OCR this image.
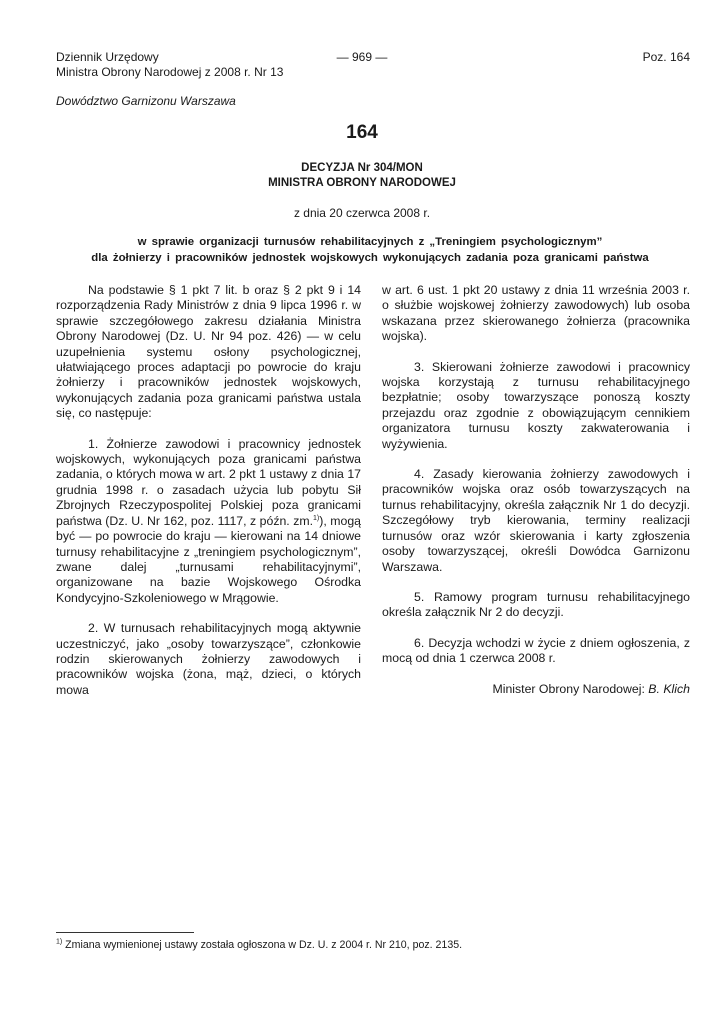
Dziennik Urzędowy
Ministra Obrony Narodowej z 2008 r. Nr 13
— 969 —	Poz. 164
Dowództwo Garnizonu Warszawa
164
DECYZJA Nr 304/MON
MINISTRA OBRONY NARODOWEJ
z dnia 20 czerwca 2008 r.
w sprawie organizacji turnusów rehabilitacyjnych z „Treningiem psychologicznym”
dla żołnierzy i pracowników jednostek wojskowych wykonujących zadania poza granicami państwa

Na podstawie § 1 pkt 7 lit. b oraz § 2 pkt 9 i 14 rozporządzenia Rady Ministrów z dnia 9 lipca 1996 r. w sprawie szczegółowego zakresu działania Ministra Obrony Narodowej (Dz. U. Nr 94 poz. 426) — w celu uzupełnienia systemu osłony psychologicznej, ułatwiającego proces adaptacji po powrocie do kraju żołnierzy i pracowników jednostek wojskowych, wykonujących zadania poza granicami państwa ustala się, co następuje:

1. Żołnierze zawodowi i pracownicy jednostek wojskowych, wykonujących poza granicami państwa zadania, o których mowa w art. 2 pkt 1 ustawy z dnia 17 grudnia 1998 r. o zasadach użycia lub pobytu Sił Zbrojnych Rzeczypospolitej Polskiej poza granicami państwa (Dz. U. Nr 162, poz. 1117, z późn. zm.$^{1)}$), mogą być — po powrocie do kraju — kierowani na 14 dniowe turnusy rehabilitacyjne z „treningiem psychologicznym”, zwane dalej „turnusami rehabilitacyjnymi”, organizowane na bazie Wojskowego Ośrodka Kondycyjno-Szkoleniowego w Mrągowie.

2. W turnusach rehabilitacyjnych mogą aktywnie uczestniczyć, jako „osoby towarzyszące”, członkowie rodzin skierowanych żołnierzy zawodowych i pracowników wojska (żona, mąż, dzieci, o których mowa

w art. 6 ust. 1 pkt 20 ustawy z dnia 11 września 2003 r. o służbie wojskowej żołnierzy zawodowych) lub osoba wskazana przez skierowanego żołnierza (pracownika wojska).

3. Skierowani żołnierze zawodowi i pracownicy wojska korzystają z turnusu rehabilitacyjnego bezpłatnie; osoby towarzyszące ponoszą koszty przejazdu oraz zgodnie z obowiązującym cennikiem organizatora turnusu koszty zakwaterowania i wyżywienia.

4. Zasady kierowania żołnierzy zawodowych i pracowników wojska oraz osób towarzyszących na turnus rehabilitacyjny, określa załącznik Nr 1 do decyzji. Szczegółowy tryb kierowania, terminy realizacji turnusów oraz wzór skierowania i karty zgłoszenia osoby towarzyszącej, określi Dowódca Garnizonu Warszawa.

5. Ramowy program turnusu rehabilitacyjnego określa załącznik Nr 2 do decyzji.

6. Decyzja wchodzi w życie z dniem ogłoszenia, z mocą od dnia 1 czerwca 2008 r.

Minister Obrony Narodowej: B. Klich

$^{1)}$ Zmiana wymienionej ustawy została ogłoszona w Dz. U. z 2004 r. Nr 210, poz. 2135.
